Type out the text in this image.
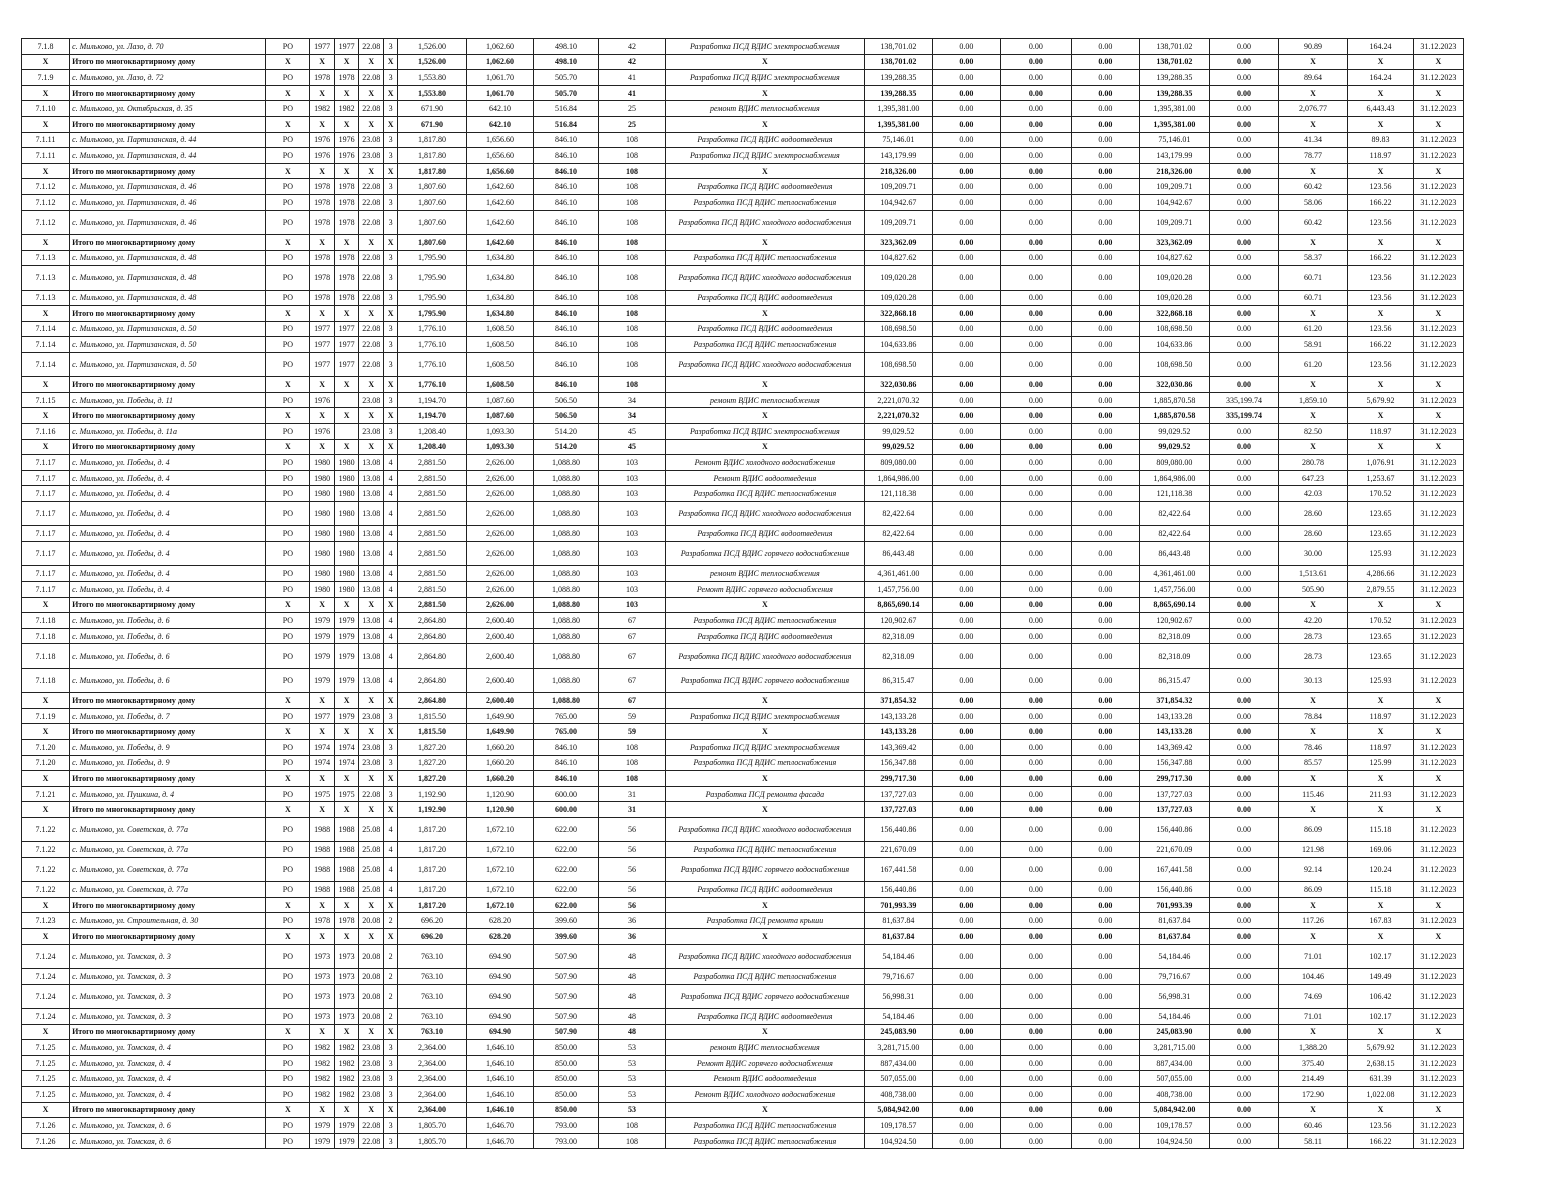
7.1.8	с. Мильково, ул. Лазо, д. 70	РО	1977	1977	22.08	3	1,526.00	1,062.60	498.10	42	Разработка ПСД ВДИС электроснабжения	138,701.02	0.00	0.00	0.00	138,701.02	0.00	90.89	164.24	31.12.2023
X	Итого по многоквартирному дому	X	X	X	X	X	1,526.00	1,062.60	498.10	42	X	138,701.02	0.00	0.00	0.00	138,701.02	0.00	X	X	X
7.1.9	с. Мильково, ул. Лазо, д. 72	РО	1978	1978	22.08	3	1,553.80	1,061.70	505.70	41	Разработка ПСД ВДИС электроснабжения	139,288.35	0.00	0.00	0.00	139,288.35	0.00	89.64	164.24	31.12.2023
X	Итого по многоквартирному дому	X	X	X	X	X	1,553.80	1,061.70	505.70	41	X	139,288.35	0.00	0.00	0.00	139,288.35	0.00	X	X	X
7.1.10	с. Мильково, ул. Октябрьская, д. 35	РО	1982	1982	22.08	3	671.90	642.10	516.84	25	ремонт ВДИС теплоснабжения	1,395,381.00	0.00	0.00	0.00	1,395,381.00	0.00	2,076.77	6,443.43	31.12.2023
X	Итого по многоквартирному дому	X	X	X	X	X	671.90	642.10	516.84	25	X	1,395,381.00	0.00	0.00	0.00	1,395,381.00	0.00	X	X	X
7.1.11	с. Мильково, ул. Партизанская, д. 44	РО	1976	1976	23.08	3	1,817.80	1,656.60	846.10	108	Разработка ПСД ВДИС водоотведения	75,146.01	0.00	0.00	0.00	75,146.01	0.00	41.34	89.83	31.12.2023
7.1.11	с. Мильково, ул. Партизанская, д. 44	РО	1976	1976	23.08	3	1,817.80	1,656.60	846.10	108	Разработка ПСД ВДИС электроснабжения	143,179.99	0.00	0.00	0.00	143,179.99	0.00	78.77	118.97	31.12.2023
X	Итого по многоквартирному дому	X	X	X	X	X	1,817.80	1,656.60	846.10	108	X	218,326.00	0.00	0.00	0.00	218,326.00	0.00	X	X	X
7.1.12	с. Мильково, ул. Партизанская, д. 46	РО	1978	1978	22.08	3	1,807.60	1,642.60	846.10	108	Разработка ПСД ВДИС водоотведения	109,209.71	0.00	0.00	0.00	109,209.71	0.00	60.42	123.56	31.12.2023
7.1.12	с. Мильково, ул. Партизанская, д. 46	РО	1978	1978	22.08	3	1,807.60	1,642.60	846.10	108	Разработка ПСД ВДИС теплоснабжения	104,942.67	0.00	0.00	0.00	104,942.67	0.00	58.06	166.22	31.12.2023
7.1.12	с. Мильково, ул. Партизанская, д. 46	РО	1978	1978	22.08	3	1,807.60	1,642.60	846.10	108	Разработка ПСД ВДИС холодного водоснабжения	109,209.71	0.00	0.00	0.00	109,209.71	0.00	60.42	123.56	31.12.2023
X	Итого по многоквартирному дому	X	X	X	X	X	1,807.60	1,642.60	846.10	108	X	323,362.09	0.00	0.00	0.00	323,362.09	0.00	X	X	X
7.1.13	с. Мильково, ул. Партизанская, д. 48	РО	1978	1978	22.08	3	1,795.90	1,634.80	846.10	108	Разработка ПСД ВДИС теплоснабжения	104,827.62	0.00	0.00	0.00	104,827.62	0.00	58.37	166.22	31.12.2023
7.1.13	с. Мильково, ул. Партизанская, д. 48	РО	1978	1978	22.08	3	1,795.90	1,634.80	846.10	108	Разработка ПСД ВДИС холодного водоснабжения	109,020.28	0.00	0.00	0.00	109,020.28	0.00	60.71	123.56	31.12.2023
7.1.13	с. Мильково, ул. Партизанская, д. 48	РО	1978	1978	22.08	3	1,795.90	1,634.80	846.10	108	Разработка ПСД ВДИС водоотведения	109,020.28	0.00	0.00	0.00	109,020.28	0.00	60.71	123.56	31.12.2023
X	Итого по многоквартирному дому	X	X	X	X	X	1,795.90	1,634.80	846.10	108	X	322,868.18	0.00	0.00	0.00	322,868.18	0.00	X	X	X
7.1.14	с. Мильково, ул. Партизанская, д. 50	РО	1977	1977	22.08	3	1,776.10	1,608.50	846.10	108	Разработка ПСД ВДИС водоотведения	108,698.50	0.00	0.00	0.00	108,698.50	0.00	61.20	123.56	31.12.2023
7.1.14	с. Мильково, ул. Партизанская, д. 50	РО	1977	1977	22.08	3	1,776.10	1,608.50	846.10	108	Разработка ПСД ВДИС теплоснабжения	104,633.86	0.00	0.00	0.00	104,633.86	0.00	58.91	166.22	31.12.2023
7.1.14	с. Мильково, ул. Партизанская, д. 50	РО	1977	1977	22.08	3	1,776.10	1,608.50	846.10	108	Разработка ПСД ВДИС холодного водоснабжения	108,698.50	0.00	0.00	0.00	108,698.50	0.00	61.20	123.56	31.12.2023
X	Итого по многоквартирному дому	X	X	X	X	X	1,776.10	1,608.50	846.10	108	X	322,030.86	0.00	0.00	0.00	322,030.86	0.00	X	X	X
7.1.15	с. Мильково, ул. Победы, д. 11	РО	1976		23.08	3	1,194.70	1,087.60	506.50	34	ремонт ВДИС теплоснабжения	2,221,070.32	0.00	0.00	0.00	1,885,870.58	335,199.74	1,859.10	5,679.92	31.12.2023
X	Итого по многоквартирному дому	X	X	X	X	X	1,194.70	1,087.60	506.50	34	X	2,221,070.32	0.00	0.00	0.00	1,885,870.58	335,199.74	X	X	X
7.1.16	с. Мильково, ул. Победы, д. 11а	РО	1976		23.08	3	1,208.40	1,093.30	514.20	45	Разработка ПСД ВДИС электроснабжения	99,029.52	0.00	0.00	0.00	99,029.52	0.00	82.50	118.97	31.12.2023
X	Итого по многоквартирному дому	X	X	X	X	X	1,208.40	1,093.30	514.20	45	X	99,029.52	0.00	0.00	0.00	99,029.52	0.00	X	X	X
7.1.17	с. Мильково, ул. Победы, д. 4	РО	1980	1980	13.08	4	2,881.50	2,626.00	1,088.80	103	Ремонт ВДИС холодного водоснабжения	809,080.00	0.00	0.00	0.00	809,080.00	0.00	280.78	1,076.91	31.12.2023
7.1.17	с. Мильково, ул. Победы, д. 4	РО	1980	1980	13.08	4	2,881.50	2,626.00	1,088.80	103	Ремонт ВДИС водоотведения	1,864,986.00	0.00	0.00	0.00	1,864,986.00	0.00	647.23	1,253.67	31.12.2023
7.1.17	с. Мильково, ул. Победы, д. 4	РО	1980	1980	13.08	4	2,881.50	2,626.00	1,088.80	103	Разработка ПСД ВДИС теплоснабжения	121,118.38	0.00	0.00	0.00	121,118.38	0.00	42.03	170.52	31.12.2023
7.1.17	с. Мильково, ул. Победы, д. 4	РО	1980	1980	13.08	4	2,881.50	2,626.00	1,088.80	103	Разработка ПСД ВДИС холодного водоснабжения	82,422.64	0.00	0.00	0.00	82,422.64	0.00	28.60	123.65	31.12.2023
7.1.17	с. Мильково, ул. Победы, д. 4	РО	1980	1980	13.08	4	2,881.50	2,626.00	1,088.80	103	Разработка ПСД ВДИС водоотведения	82,422.64	0.00	0.00	0.00	82,422.64	0.00	28.60	123.65	31.12.2023
7.1.17	с. Мильково, ул. Победы, д. 4	РО	1980	1980	13.08	4	2,881.50	2,626.00	1,088.80	103	Разработка ПСД ВДИС горячего водоснабжения	86,443.48	0.00	0.00	0.00	86,443.48	0.00	30.00	125.93	31.12.2023
7.1.17	с. Мильково, ул. Победы, д. 4	РО	1980	1980	13.08	4	2,881.50	2,626.00	1,088.80	103	ремонт ВДИС теплоснабжения	4,361,461.00	0.00	0.00	0.00	4,361,461.00	0.00	1,513.61	4,286.66	31.12.2023
7.1.17	с. Мильково, ул. Победы, д. 4	РО	1980	1980	13.08	4	2,881.50	2,626.00	1,088.80	103	Ремонт ВДИС горячего водоснабжения	1,457,756.00	0.00	0.00	0.00	1,457,756.00	0.00	505.90	2,879.55	31.12.2023
X	Итого по многоквартирному дому	X	X	X	X	X	2,881.50	2,626.00	1,088.80	103	X	8,865,690.14	0.00	0.00	0.00	8,865,690.14	0.00	X	X	X
7.1.18	с. Мильково, ул. Победы, д. 6	РО	1979	1979	13.08	4	2,864.80	2,600.40	1,088.80	67	Разработка ПСД ВДИС теплоснабжения	120,902.67	0.00	0.00	0.00	120,902.67	0.00	42.20	170.52	31.12.2023
7.1.18	с. Мильково, ул. Победы, д. 6	РО	1979	1979	13.08	4	2,864.80	2,600.40	1,088.80	67	Разработка ПСД ВДИС водоотведения	82,318.09	0.00	0.00	0.00	82,318.09	0.00	28.73	123.65	31.12.2023
7.1.18	с. Мильково, ул. Победы, д. 6	РО	1979	1979	13.08	4	2,864.80	2,600.40	1,088.80	67	Разработка ПСД ВДИС холодного водоснабжения	82,318.09	0.00	0.00	0.00	82,318.09	0.00	28.73	123.65	31.12.2023
7.1.18	с. Мильково, ул. Победы, д. 6	РО	1979	1979	13.08	4	2,864.80	2,600.40	1,088.80	67	Разработка ПСД ВДИС горячего водоснабжения	86,315.47	0.00	0.00	0.00	86,315.47	0.00	30.13	125.93	31.12.2023
X	Итого по многоквартирному дому	X	X	X	X	X	2,864.80	2,600.40	1,088.80	67	X	371,854.32	0.00	0.00	0.00	371,854.32	0.00	X	X	X
7.1.19	с. Мильково, ул. Победы, д. 7	РО	1977	1979	23.08	3	1,815.50	1,649.90	765.00	59	Разработка ПСД ВДИС электроснабжения	143,133.28	0.00	0.00	0.00	143,133.28	0.00	78.84	118.97	31.12.2023
X	Итого по многоквартирному дому	X	X	X	X	X	1,815.50	1,649.90	765.00	59	X	143,133.28	0.00	0.00	0.00	143,133.28	0.00	X	X	X
7.1.20	с. Мильково, ул. Победы, д. 9	РО	1974	1974	23.08	3	1,827.20	1,660.20	846.10	108	Разработка ПСД ВДИС электроснабжения	143,369.42	0.00	0.00	0.00	143,369.42	0.00	78.46	118.97	31.12.2023
7.1.20	с. Мильково, ул. Победы, д. 9	РО	1974	1974	23.08	3	1,827.20	1,660.20	846.10	108	Разработка ПСД ВДИС теплоснабжения	156,347.88	0.00	0.00	0.00	156,347.88	0.00	85.57	125.99	31.12.2023
X	Итого по многоквартирному дому	X	X	X	X	X	1,827.20	1,660.20	846.10	108	X	299,717.30	0.00	0.00	0.00	299,717.30	0.00	X	X	X
7.1.21	с. Мильково, ул. Пушкина, д. 4	РО	1975	1975	22.08	3	1,192.90	1,120.90	600.00	31	Разработка ПСД ремонта фасада	137,727.03	0.00	0.00	0.00	137,727.03	0.00	115.46	211.93	31.12.2023
X	Итого по многоквартирному дому	X	X	X	X	X	1,192.90	1,120.90	600.00	31	X	137,727.03	0.00	0.00	0.00	137,727.03	0.00	X	X	X
7.1.22	с. Мильково, ул. Советская, д. 77а	РО	1988	1988	25.08	4	1,817.20	1,672.10	622.00	56	Разработка ПСД ВДИС холодного водоснабжения	156,440.86	0.00	0.00	0.00	156,440.86	0.00	86.09	115.18	31.12.2023
7.1.22	с. Мильково, ул. Советская, д. 77а	РО	1988	1988	25.08	4	1,817.20	1,672.10	622.00	56	Разработка ПСД ВДИС теплоснабжения	221,670.09	0.00	0.00	0.00	221,670.09	0.00	121.98	169.06	31.12.2023
7.1.22	с. Мильково, ул. Советская, д. 77а	РО	1988	1988	25.08	4	1,817.20	1,672.10	622.00	56	Разработка ПСД ВДИС горячего водоснабжения	167,441.58	0.00	0.00	0.00	167,441.58	0.00	92.14	120.24	31.12.2023
7.1.22	с. Мильково, ул. Советская, д. 77а	РО	1988	1988	25.08	4	1,817.20	1,672.10	622.00	56	Разработка ПСД ВДИС водоотведения	156,440.86	0.00	0.00	0.00	156,440.86	0.00	86.09	115.18	31.12.2023
X	Итого по многоквартирному дому	X	X	X	X	X	1,817.20	1,672.10	622.00	56	X	701,993.39	0.00	0.00	0.00	701,993.39	0.00	X	X	X
7.1.23	с. Мильково, ул. Строительная, д. 30	РО	1978	1978	20.08	2	696.20	628.20	399.60	36	Разработка ПСД ремонта крыши	81,637.84	0.00	0.00	0.00	81,637.84	0.00	117.26	167.83	31.12.2023
X	Итого по многоквартирному дому	X	X	X	X	X	696.20	628.20	399.60	36	X	81,637.84	0.00	0.00	0.00	81,637.84	0.00	X	X	X
7.1.24	с. Мильково, ул. Томская, д. 3	РО	1973	1973	20.08	2	763.10	694.90	507.90	48	Разработка ПСД ВДИС холодного водоснабжения	54,184.46	0.00	0.00	0.00	54,184.46	0.00	71.01	102.17	31.12.2023
7.1.24	с. Мильково, ул. Томская, д. 3	РО	1973	1973	20.08	2	763.10	694.90	507.90	48	Разработка ПСД ВДИС теплоснабжения	79,716.67	0.00	0.00	0.00	79,716.67	0.00	104.46	149.49	31.12.2023
7.1.24	с. Мильково, ул. Томская, д. 3	РО	1973	1973	20.08	2	763.10	694.90	507.90	48	Разработка ПСД ВДИС горячего водоснабжения	56,998.31	0.00	0.00	0.00	56,998.31	0.00	74.69	106.42	31.12.2023
7.1.24	с. Мильково, ул. Томская, д. 3	РО	1973	1973	20.08	2	763.10	694.90	507.90	48	Разработка ПСД ВДИС водоотведения	54,184.46	0.00	0.00	0.00	54,184.46	0.00	71.01	102.17	31.12.2023
X	Итого по многоквартирному дому	X	X	X	X	X	763.10	694.90	507.90	48	X	245,083.90	0.00	0.00	0.00	245,083.90	0.00	X	X	X
7.1.25	с. Мильково, ул. Томская, д. 4	РО	1982	1982	23.08	3	2,364.00	1,646.10	850.00	53	ремонт ВДИС теплоснабжения	3,281,715.00	0.00	0.00	0.00	3,281,715.00	0.00	1,388.20	5,679.92	31.12.2023
7.1.25	с. Мильково, ул. Томская, д. 4	РО	1982	1982	23.08	3	2,364.00	1,646.10	850.00	53	Ремонт ВДИС горячего водоснабжения	887,434.00	0.00	0.00	0.00	887,434.00	0.00	375.40	2,638.15	31.12.2023
7.1.25	с. Мильково, ул. Томская, д. 4	РО	1982	1982	23.08	3	2,364.00	1,646.10	850.00	53	Ремонт ВДИС водоотведения	507,055.00	0.00	0.00	0.00	507,055.00	0.00	214.49	631.39	31.12.2023
7.1.25	с. Мильково, ул. Томская, д. 4	РО	1982	1982	23.08	3	2,364.00	1,646.10	850.00	53	Ремонт ВДИС холодного водоснабжения	408,738.00	0.00	0.00	0.00	408,738.00	0.00	172.90	1,022.08	31.12.2023
X	Итого по многоквартирному дому	X	X	X	X	X	2,364.00	1,646.10	850.00	53	X	5,084,942.00	0.00	0.00	0.00	5,084,942.00	0.00	X	X	X
7.1.26	с. Мильково, ул. Томская, д. 6	РО	1979	1979	22.08	3	1,805.70	1,646.70	793.00	108	Разработка ПСД ВДИС теплоснабжения	109,178.57	0.00	0.00	0.00	109,178.57	0.00	60.46	123.56	31.12.2023
7.1.26	с. Мильково, ул. Томская, д. 6	РО	1979	1979	22.08	3	1,805.70	1,646.70	793.00	108	Разработка ПСД ВДИС теплоснабжения	104,924.50	0.00	0.00	0.00	104,924.50	0.00	58.11	166.22	31.12.2023
